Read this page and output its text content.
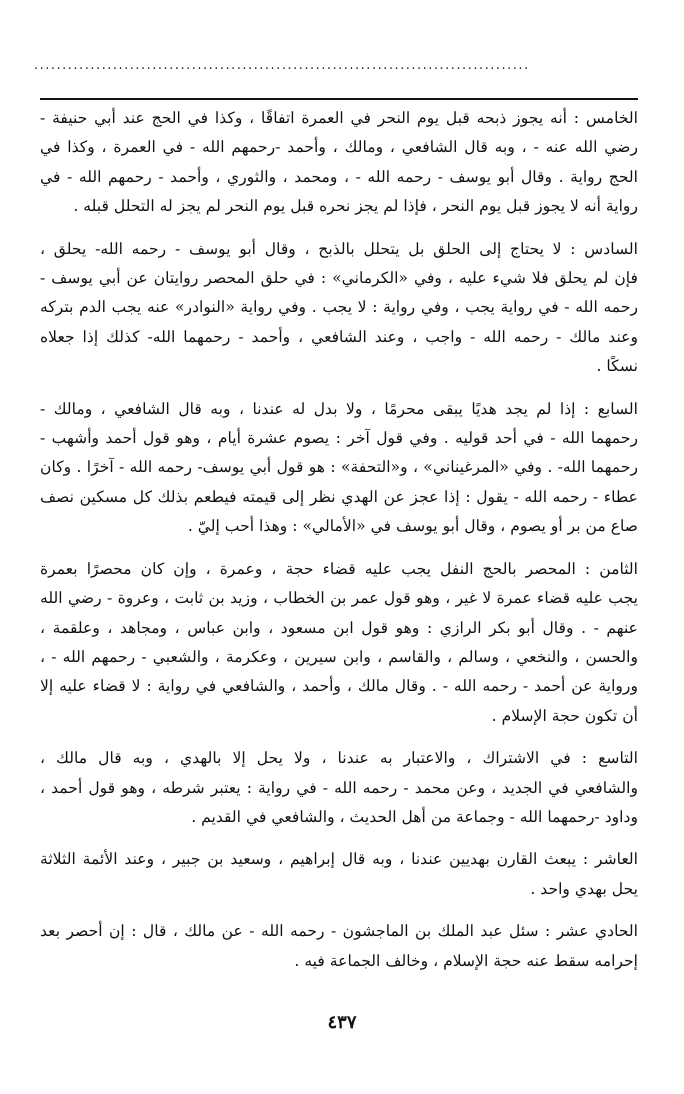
........................................................................................

الخامس : أنه يجوز ذبحه قبل يوم النحر في العمرة اتفاقًا ، وكذا في الحج عند أبي حنيفة -
رضي الله عنه - ، وبه قال الشافعي ، ومالك ، وأحمد -رحمهم الله - في العمرة ، وكذا في
الحج رواية . وقال أبو يوسف - رحمه الله - ، ومحمد ، والثوري ، وأحمد - رحمهم الله - في
رواية أنه لا يجوز قبل يوم النحر ، فإذا لم يجز نحره قبل يوم النحر لم يجز له التحلل قبله .

السادس : لا يحتاج إلى الحلق بل يتحلل بالذبح ، وقال أبو يوسف - رحمه الله- يحلق ،
فإن لم يحلق فلا شيء عليه ، وفي «الكرماني» : في حلق المحصر روايتان عن أبي يوسف -
رحمه الله - في رواية يجب ، وفي رواية : لا يجب . وفي رواية «النوادر» عنه يجب الدم بتركه
وعند مالك - رحمه الله - واجب ، وعند الشافعي ، وأحمد - رحمهما الله- كذلك إذا جعلاه
نسكًا .

السابع : إذا لم يجد هديًا يبقى محرمًا ، ولا بدل له عندنا ، وبه قال الشافعي ، ومالك -
رحمهما الله - في أحد قوليه . وفي قول آخر : يصوم عشرة أيام ، وهو قول أحمد وأشهب -
رحمهما الله- . وفي «المرغيناني» ، و«التحفة» : هو قول أبي يوسف- رحمه الله - آخرًا . وكان
عطاء - رحمه الله - يقول : إذا عجز عن الهدي نظر إلى قيمته فيطعم بذلك كل مسكين نصف
صاع من بر أو يصوم ، وقال أبو يوسف في «الأمالي» : وهذا أحب إليّ .

الثامن : المحصر بالحج النفل يجب عليه قضاء حجة ، وعمرة ، وإن كان محصرًا بعمرة
يجب عليه قضاء عمرة لا غير ، وهو قول عمر بن الخطاب ، وزيد بن ثابت ، وعروة - رضي الله
عنهم - . وقال أبو بكر الرازي : وهو قول ابن مسعود ، وابن عباس ، ومجاهد ، وعلقمة ،
والحسن ، والنخعي ، وسالم ، والقاسم ، وابن سيرين ، وعكرمة ، والشعبي - رحمهم الله - ،
ورواية عن أحمد - رحمه الله - . وقال مالك ، وأحمد ، والشافعي في رواية : لا قضاء عليه إلا
أن تكون حجة الإسلام .

التاسع : في الاشتراك ، والاعتبار به عندنا ، ولا يحل إلا بالهدي ، وبه قال مالك ،
والشافعي في الجديد ، وعن محمد - رحمه الله - في رواية : يعتبر شرطه ، وهو قول أحمد ،
وداود -رحمهما الله - وجماعة من أهل الحديث ، والشافعي في القديم .

العاشر : يبعث القارن بهديين عندنا ، وبه قال إبراهيم ، وسعيد بن جبير ، وعند الأئمة الثلاثة
يحل بهدي واحد .

الحادي عشر : سئل عبد الملك بن الماجشون - رحمه الله - عن مالك ، قال : إن أحصر بعد
إحرامه سقط عنه حجة الإسلام ، وخالف الجماعة فيه .

٤٣٧
